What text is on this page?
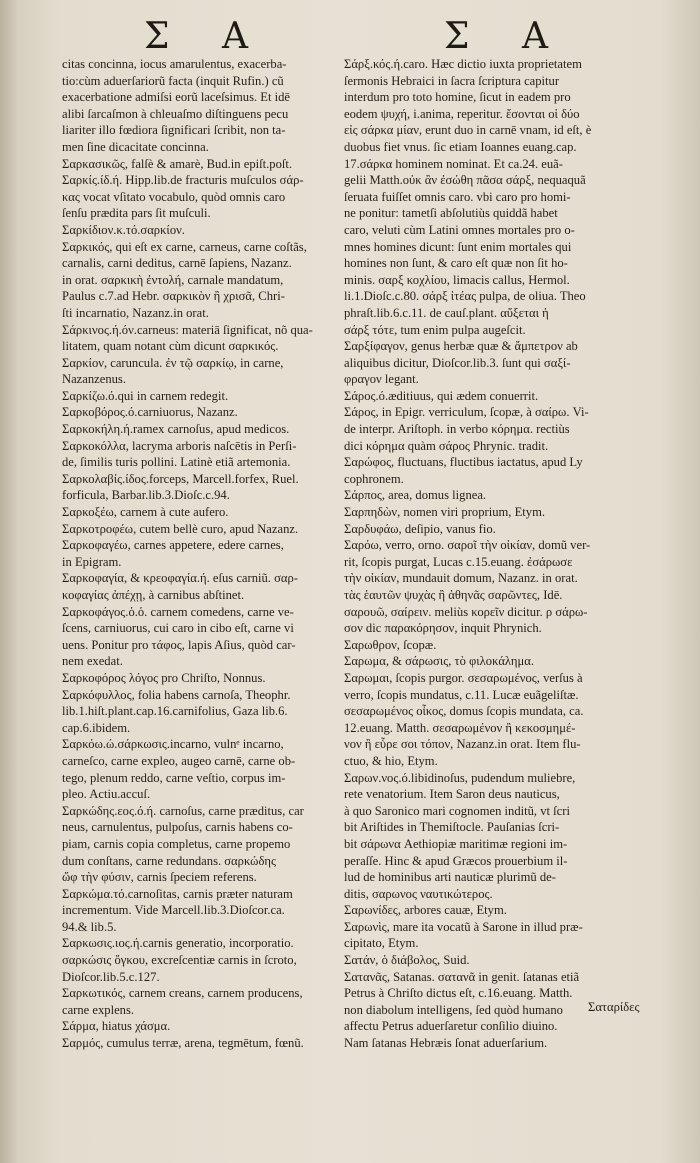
Σ Α	Σ Α

citas concinna, iocus amarulentus, exacerba-

tio:cùm aduerſariorũ facta (inquit Rufin.) cũ

exacerbatione admiſsi eorũ laceſsimus. Et idē

alibi ſarcaſmon à chleuaſmo diſtinguens pecu

liariter illo fœdiora ſignificari ſcribit, non ta-

men ſine dicacitate concinna.

Σαρκασικῶς, falſè & amarè, Bud.in epiſt.poſt.

Σαρκίς.ίδ.ή. Hipp.lib.de fracturis muſculos σάρ-

κας vocat vſitato vocabulo, quòd omnis caro

ſenſu prædita pars ſit muſculi.

Σαρκίδιον.κ.τό.σαρκίον.

Σαρκικός, qui eſt ex carne, carneus, carne coſtãs,

carnalis, carni deditus, carnē ſapiens, Nazanz.

in orat. σαρκικὴ ἐντολή, carnale mandatum,

Paulus c.7.ad Hebr. σαρκικὸν ἢ χρισᾶ, Chri-

ſti incarnatio, Nazanz.in orat.

Σάρκινος.ή.όν.carneus: materiā ſignificat, nõ qua-

litatem, quam notant cùm dicunt σαρκικός.

Σαρκίον, caruncula. ἐν τῷ σαρκίῳ, in carne,

Nazanzenus.

Σαρκίζω.ό.qui in carnem redegit.

Σαρκοβόρος.ό.carniuorus, Nazanz.

Σαρκοκήλη.ή.ramex carnoſus, apud medicos.

Σαρκοκόλλα, lacryma arboris naſcētis in Perſi-

de, ſimilis turis pollini. Latinè etiã artemonia.

Σαρκολαβίς.ίδος.forceps, Marcell.forfex, Ruel.

forficula, Barbar.lib.3.Dioſc.c.94.

Σαρκοξέω, carnem à cute aufero.

Σαρκοτροφέω, cutem bellè curo, apud Nazanz.

Σαρκοφαγέω, carnes appetere, edere carnes,

in Epigram.

Σαρκοφαγία, & κρεοφαγία.ή. eſus carniũ. σαρ-

κοφαγίας ἀπέχῃ, à carnibus abſtinet.

Σαρκοφάγος.ὁ.ὁ. carnem comedens, carne ve-

ſcens, carniuorus, cui caro in cibo eſt, carne vi

uens. Ponitur pro τάφος, lapis Aſius, quòd car-

nem exedat.

Σαρκοφόρος λόγος pro Chriſto, Nonnus.

Σαρκόφυλλος, folia habens carnoſa, Theophr.

lib.1.hiſt.plant.cap.16.carnifolius, Gaza lib.6.

cap.6.ibidem.

Σαρκόω.ώ.σάρκωσις.incarno, vulnᵉ incarno,

carneſco, carne expleo, augeo carnē, carne ob-

tego, plenum reddo, carne veſtio, corpus im-

pleo. Actiu.accuſ.

Σαρκώδης.εος.ό.ή. carnoſus, carne præditus, car

neus, carnulentus, pulpoſus, carnis habens co-

piam, carnis copia completus, carne propemo

dum conſtans, carne redundans. σαρκώδης

ὤφ τὴν φύσιν, carnis ſpeciem referens.

Σαρκώμα.τό.carnoſitas, carnis præter naturam

incrementum. Vide Marcell.lib.3.Dioſcor.ca.

94.& lib.5.

Σαρκωσις.ιος.ή.carnis generatio, incorporatio.

σαρκώσις ὄγκου, excreſcentiæ carnis in ſcroto,

Dioſcor.lib.5.c.127.

Σαρκωτικός, carnem creans, carnem producens,

carne explens.

Σάρμα, hiatus χάσμα.

Σαρμός, cumulus terræ, arena, tegmētum, fœnũ.

Σάρξ.κός.ή.caro. Hæc dictio iuxta proprietatem

ſermonis Hebraici in ſacra ſcriptura capitur

interdum pro toto homine, ſicut in eadem pro

eodem ψυχή, i.anima, reperitur. ἔσονται οἱ δύο

εἰς σάρκα μίαν, erunt duo in carnē vnam, id eſt, è

duobus fiet vnus. ſic etiam Ioannes euang.cap.

17.σάρκα hominem nominat. Et ca.24. euã-

gelii Matth.οὐκ ἂν ἐσώθη πᾶσα σάρξ, nequaquã

ſeruata fuiſſet omnis caro. vbi caro pro homi-

ne ponitur: tametſi abſolutiùs quiddã habet

caro, veluti cùm Latini omnes mortales pro o-

mnes homines dicunt: ſunt enim mortales qui

homines non ſunt, & caro eſt quæ non ſit ho-

minis. σαρξ κοχλίου, limacis callus, Hermol.

li.1.Dioſc.c.80. σάρξ ἰτέας pulpa, de oliua. Theo

phraſt.lib.6.c.11. de cauſ.plant. αὔξεται ἡ

σάρξ τότε, tum enim pulpa augeſcit.

Σαρξίφαγον, genus herbæ quæ & ἄμπετρον ab

aliquibus dicitur, Dioſcor.lib.3. ſunt qui σαξί-

φραγον legant.

Σάρος.ό.æditiuus, qui ædem conuerrit.

Σάρος, in Epigr. verriculum, ſcopæ, à σαίρω. Vi-

de interpr. Ariſtoph. in verbo κόρημα. rectiùs

dici κόρημα quàm σάρος Phrynic. tradit.

Σαρώφος, fluctuans, fluctibus iactatus, apud Ly

cophronem.

Σάρπος, area, domus lignea.

Σαρπηδὼν, nomen viri proprium, Etym.

Σαρδυφάω, deſipio, vanus fio.

Σαρόω, verro, orno. σαροῖ τὴν οἰκίαν, domũ ver-

rit, ſcopis purgat, Lucas c.15.euang. ἐσάρωσε

τὴν οἰκίαν, mundauit domum, Nazanz. in orat.

τὰς ἑαυτῶν ψυχὰς ἢ ἀθηνᾶς σαρῶντες, Idē.

σαρουῶ, σαίρειν. meliùs κορεῖν dicitur. ρ σάρω-

σον dic παρακόρησον, inquit Phrynich.

Σαρωθρον, ſcopæ.

Σαρωμα, & σάρωσις, τὸ φιλοκάλημα.

Σαρωμαι, ſcopis purgor. σεσαρωμένος, verſus à

verro, ſcopis mundatus, c.11. Lucæ euãgeliſtæ.

σεσαρωμένος οἶκος, domus ſcopis mundata, ca.

12.euang. Matth. σεσαρωμένον ἢ κεκοσμημέ-

νον ἢ εὗρε σοι τόπον, Nazanz.in orat. Item flu-

ctuo, & hio, Etym.

Σαρων.νος.ό.libidinoſus, pudendum muliebre,

rete venatorium. Item Saron deus nauticus,

à quo Saronico mari cognomen inditũ, vt ſcri

bit Ariſtides in Themiſtocle. Pauſanias ſcri-

bit σάρωνα Aethiopiæ maritimæ regioni im-

peraſſe. Hinc & apud Græcos prouerbium il-

lud de hominibus arti nauticæ plurimũ de-

ditis, σαρωνος ναυτικώτερος.

Σαρωνίδες, arbores cauæ, Etym.

Σαρωνὶς, mare ita vocatũ à Sarone in illud præ-

cipitato, Etym.

Σατάν, ὁ διάβολος, Suid.

Σατανᾶς, Satanas. σατανᾶ in genit. ſatanas etiã

Petrus à Chriſto dictus eſt, c.16.euang. Matth.

non diabolum intelligens, ſed quòd humano

affectu Petrus aduerſaretur conſilio diuino.

Nam ſatanas Hebræis ſonat aduerſarium.

Σαταρίδες
